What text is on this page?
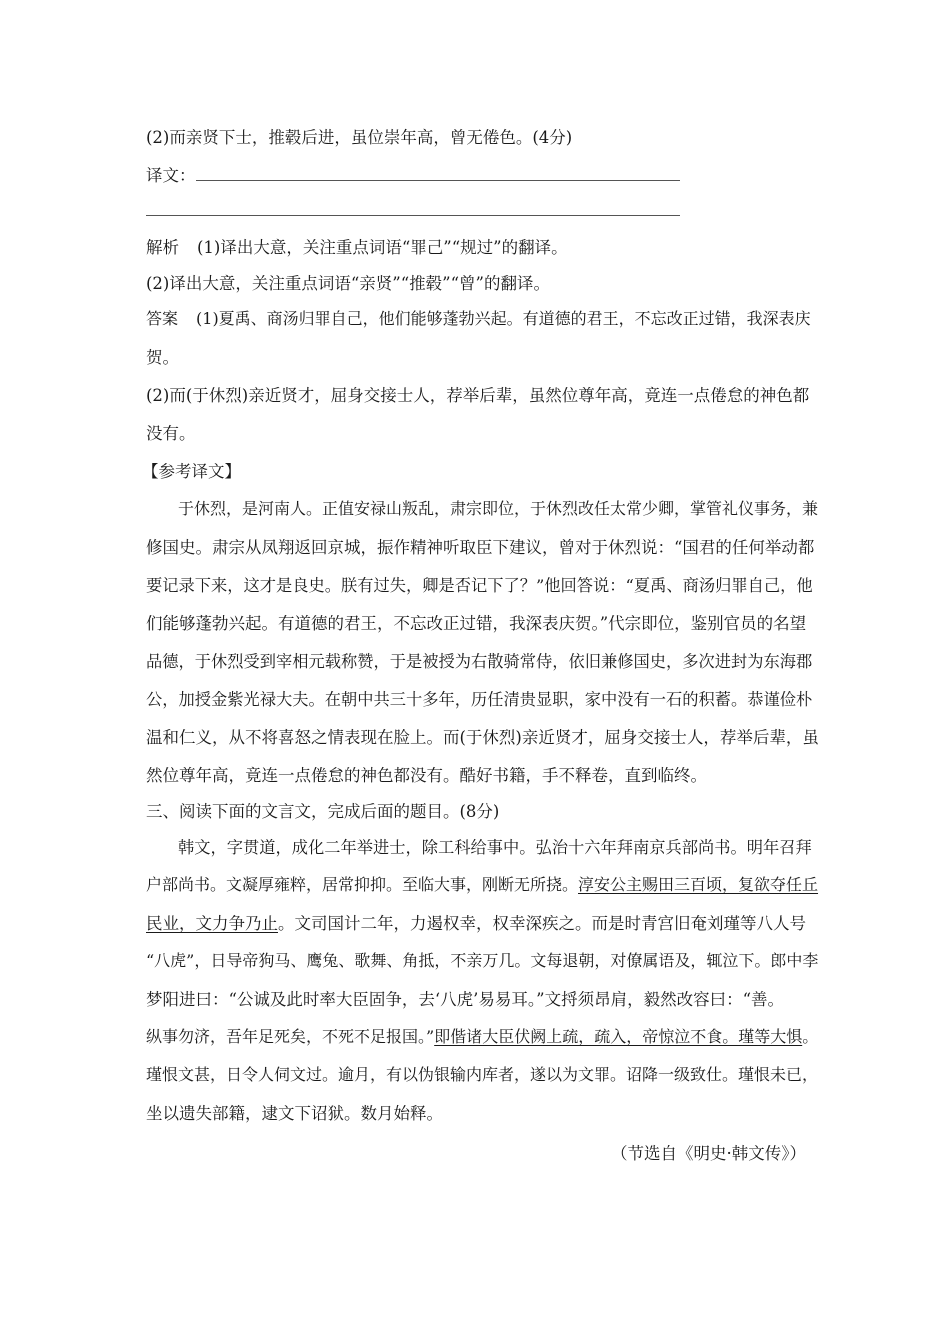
(2)而亲贤下士，推毂后进，虽位崇年高，曾无倦色。(4分)
译文：
解析 (1)译出大意，关注重点词语“罪己”“规过”的翻译。
(2)译出大意，关注重点词语“亲贤”“推毂”“曾”的翻译。
答案 (1)夏禹、商汤归罪自己，他们能够蓬勃兴起。有道德的君王，不忘改正过错，我深表庆
贺。
(2)而(于休烈)亲近贤才，屈身交接士人，荐举后辈，虽然位尊年高，竟连一点倦怠的神色都
没有。
【参考译文】
于休烈，是河南人。正值安禄山叛乱，肃宗即位，于休烈改任太常少卿，掌管礼仪事务，兼
修国史。肃宗从凤翔返回京城，振作精神听取臣下建议，曾对于休烈说：“国君的任何举动都
要记录下来，这才是良史。朕有过失，卿是否记下了？”他回答说：“夏禹、商汤归罪自己，他
们能够蓬勃兴起。有道德的君王，不忘改正过错，我深表庆贺。”代宗即位，鉴别官员的名望
品德，于休烈受到宰相元载称赞，于是被授为右散骑常侍，依旧兼修国史，多次进封为东海郡
公，加授金紫光禄大夫。在朝中共三十多年，历任清贵显职，家中没有一石的积蓄。恭谨俭朴
温和仁义，从不将喜怒之情表现在脸上。而(于休烈)亲近贤才，屈身交接士人，荐举后辈，虽
然位尊年高，竟连一点倦怠的神色都没有。酷好书籍，手不释卷，直到临终。
三、阅读下面的文言文，完成后面的题目。(8分)
韩文，字贯道，成化二年举进士，除工科给事中。弘治十六年拜南京兵部尚书。明年召拜
户部尚书。文凝厚雍粹，居常抑抑。至临大事，刚断无所挠。淳安公主赐田三百顷，复欲夺任丘
民业，文力争乃止。文司国计二年，力遏权幸，权幸深疾之。而是时青宫旧奄刘瑾等八人号
“八虎”，日导帝狗马、鹰兔、歌舞、角抵，不亲万几。文每退朝，对僚属语及，辄泣下。郎中李
梦阳进曰：“公诚及此时率大臣固争，去‘八虎’易易耳。”文捋须昂肩，毅然改容曰：“善。
纵事勿济，吾年足死矣，不死不足报国。”即偕诸大臣伏阙上疏，疏入，帝惊泣不食。瑾等大惧。
瑾恨文甚，日令人伺文过。逾月，有以伪银输内库者，遂以为文罪。诏降一级致仕。瑾恨未已，
坐以遗失部籍，逮文下诏狱。数月始释。
（节选自《明史·韩文传》）
